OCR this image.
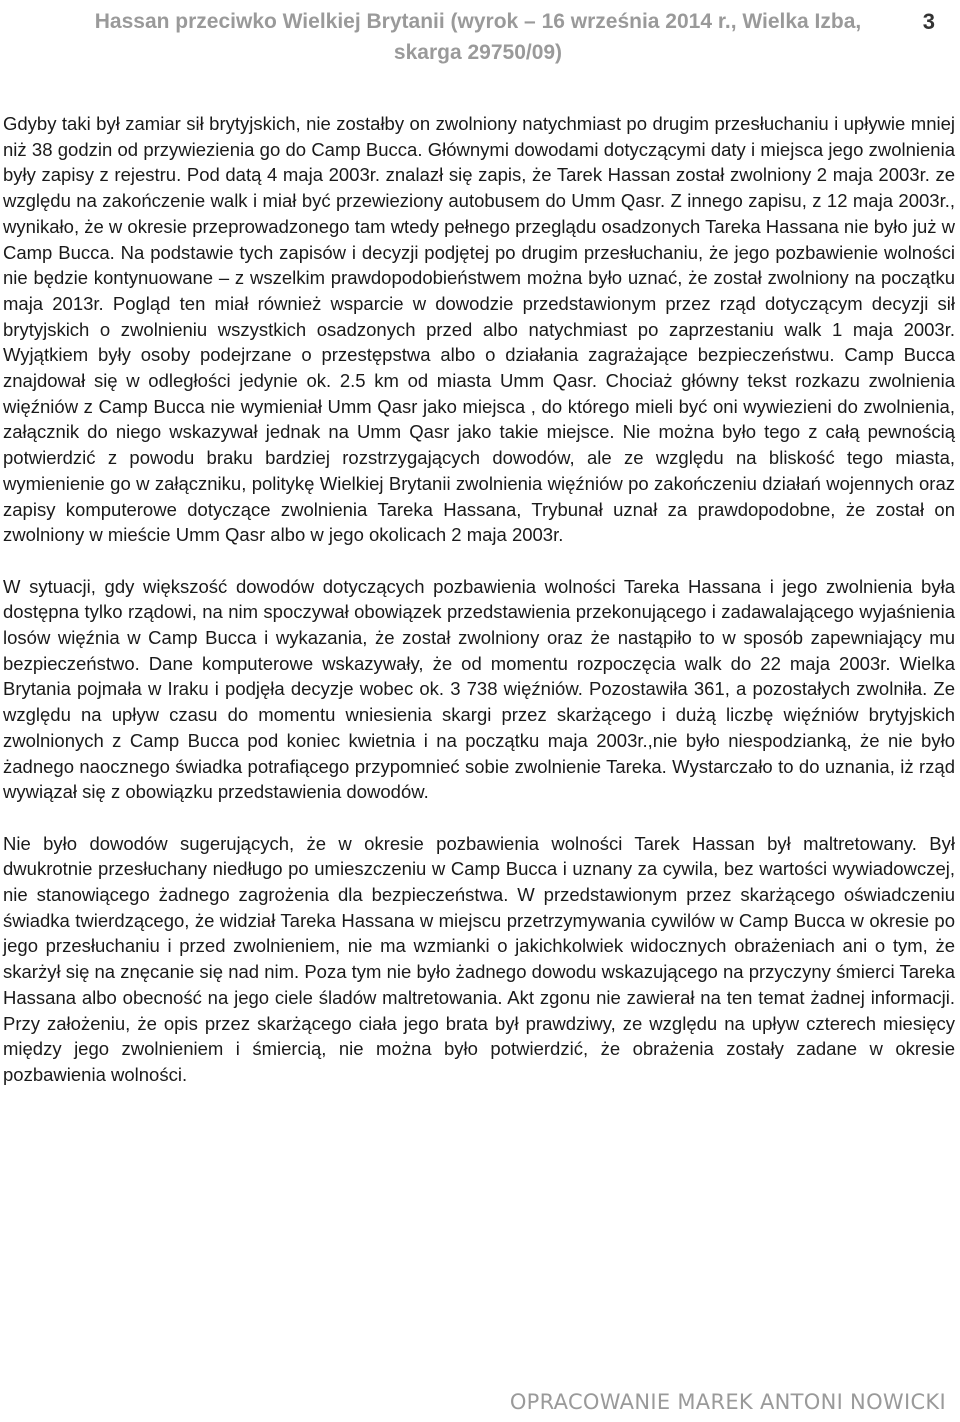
Hassan przeciwko Wielkiej Brytanii (wyrok – 16 września 2014 r., Wielka Izba, skarga 29750/09)
3

Gdyby taki był zamiar sił brytyjskich, nie zostałby on zwolniony natychmiast po drugim przesłuchaniu i upływie mniej niż 38 godzin od przywiezienia go do Camp Bucca. Głównymi dowodami dotyczącymi daty i miejsca jego zwolnienia były zapisy z rejestru. Pod datą 4 maja 2003r. znalazł się zapis, że Tarek Hassan został zwolniony 2 maja 2003r. ze względu na zakończenie walk i miał być przewieziony autobusem do Umm Qasr. Z innego zapisu, z 12 maja 2003r., wynikało, że w okresie przeprowadzonego tam wtedy pełnego przeglądu osadzonych Tareka Hassana nie było już w Camp Bucca. Na podstawie tych zapisów i decyzji podjętej po drugim przesłuchaniu, że jego pozbawienie wolności nie będzie kontynuowane – z wszelkim prawdopodobieństwem można było uznać, że został zwolniony na początku maja 2013r. Pogląd ten miał również wsparcie w dowodzie przedstawionym przez rząd dotyczącym decyzji sił brytyjskich o zwolnieniu wszystkich osadzonych przed albo natychmiast po zaprzestaniu walk 1 maja 2003r. Wyjątkiem były osoby podejrzane o przestępstwa albo o działania zagrażające bezpieczeństwu. Camp Bucca znajdował się w odległości jedynie ok. 2.5 km od miasta Umm Qasr. Chociaż główny tekst rozkazu zwolnienia więźniów z Camp Bucca nie wymieniał Umm Qasr jako miejsca , do którego mieli być oni wywiezieni do zwolnienia, załącznik do niego wskazywał jednak na Umm Qasr jako takie miejsce. Nie można było tego z całą pewnością potwierdzić z powodu braku bardziej rozstrzygających dowodów, ale ze względu na bliskość tego miasta, wymienienie go w załączniku, politykę Wielkiej Brytanii zwolnienia więźniów po zakończeniu działań wojennych oraz zapisy komputerowe dotyczące zwolnienia Tareka Hassana, Trybunał uznał za prawdopodobne, że został on zwolniony w mieście Umm Qasr albo w jego okolicach 2 maja 2003r.

W sytuacji, gdy większość dowodów dotyczących pozbawienia wolności Tareka Hassana i jego zwolnienia była dostępna tylko rządowi, na nim spoczywał obowiązek przedstawienia przekonującego i zadawalającego wyjaśnienia losów więźnia w Camp Bucca i wykazania, że został zwolniony oraz że nastąpiło to w sposób zapewniający mu bezpieczeństwo. Dane komputerowe wskazywały, że od momentu rozpoczęcia walk do 22 maja 2003r. Wielka Brytania pojmała w Iraku i podjęła decyzje wobec ok. 3 738 więźniów. Pozostawiła 361, a pozostałych zwolniła. Ze względu na upływ czasu do momentu wniesienia skargi przez skarżącego i dużą liczbę więźniów brytyjskich zwolnionych z Camp Bucca pod koniec kwietnia i na początku maja 2003r.,nie było niespodzianką, że nie było żadnego naocznego świadka potrafiącego przypomnieć sobie zwolnienie Tareka. Wystarczało to do uznania, iż rząd wywiązał się z obowiązku przedstawienia dowodów.

Nie było dowodów sugerujących, że w okresie pozbawienia wolności Tarek Hassan był maltretowany. Był dwukrotnie przesłuchany niedługo po umieszczeniu w Camp Bucca i uznany za cywila, bez wartości wywiadowczej, nie stanowiącego żadnego zagrożenia dla bezpieczeństwa. W przedstawionym przez skarżącego oświadczeniu świadka twierdzącego, że widział Tareka Hassana w miejscu przetrzymywania cywilów w Camp Bucca w okresie po jego przesłuchaniu i przed zwolnieniem, nie ma wzmianki o jakichkolwiek widocznych obrażeniach ani o tym, że skarżył się na znęcanie się nad nim. Poza tym nie było żadnego dowodu wskazującego na przyczyny śmierci Tareka Hassana albo obecność na jego ciele śladów maltretowania. Akt zgonu nie zawierał na ten temat żadnej informacji. Przy założeniu, że opis przez skarżącego ciała jego brata był prawdziwy, ze względu na upływ czterech miesięcy między jego zwolnieniem i śmiercią, nie można było potwierdzić, że obrażenia zostały zadane w okresie pozbawienia wolności.

OPRACOWANIE MAREK ANTONI NOWICKI
